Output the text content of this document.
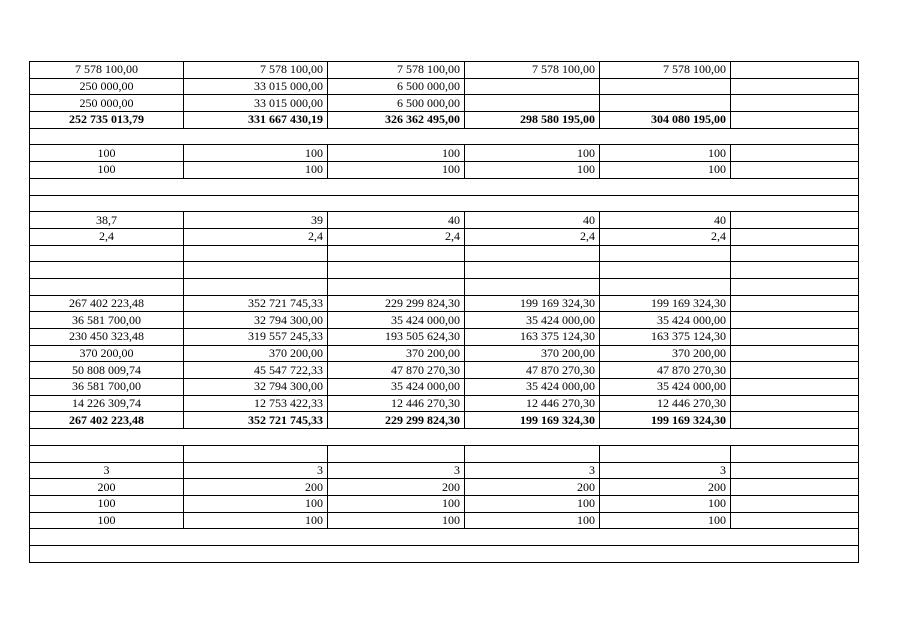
7 578 100,00	7 578 100,00	7 578 100,00	7 578 100,00	7 578 100,00	
250 000,00	33 015 000,00	6 500 000,00			
250 000,00	33 015 000,00	6 500 000,00			
252 735 013,79	331 667 430,19	326 362 495,00	298 580 195,00	304 080 195,00	

100	100	100	100	100	
100	100	100	100	100	

38,7	39	40	40	40	
2,4	2,4	2,4	2,4	2,4	

267 402 223,48	352 721 745,33	229 299 824,30	199 169 324,30	199 169 324,30	
36 581 700,00	32 794 300,00	35 424 000,00	35 424 000,00	35 424 000,00	
230 450 323,48	319 557 245,33	193 505 624,30	163 375 124,30	163 375 124,30	
370 200,00	370 200,00	370 200,00	370 200,00	370 200,00	
50 808 009,74	45 547 722,33	47 870 270,30	47 870 270,30	47 870 270,30	
36 581 700,00	32 794 300,00	35 424 000,00	35 424 000,00	35 424 000,00	
14 226 309,74	12 753 422,33	12 446 270,30	12 446 270,30	12 446 270,30	
267 402 223,48	352 721 745,33	229 299 824,30	199 169 324,30	199 169 324,30	

3	3	3	3	3	
200	200	200	200	200	
100	100	100	100	100	
100	100	100	100	100	
